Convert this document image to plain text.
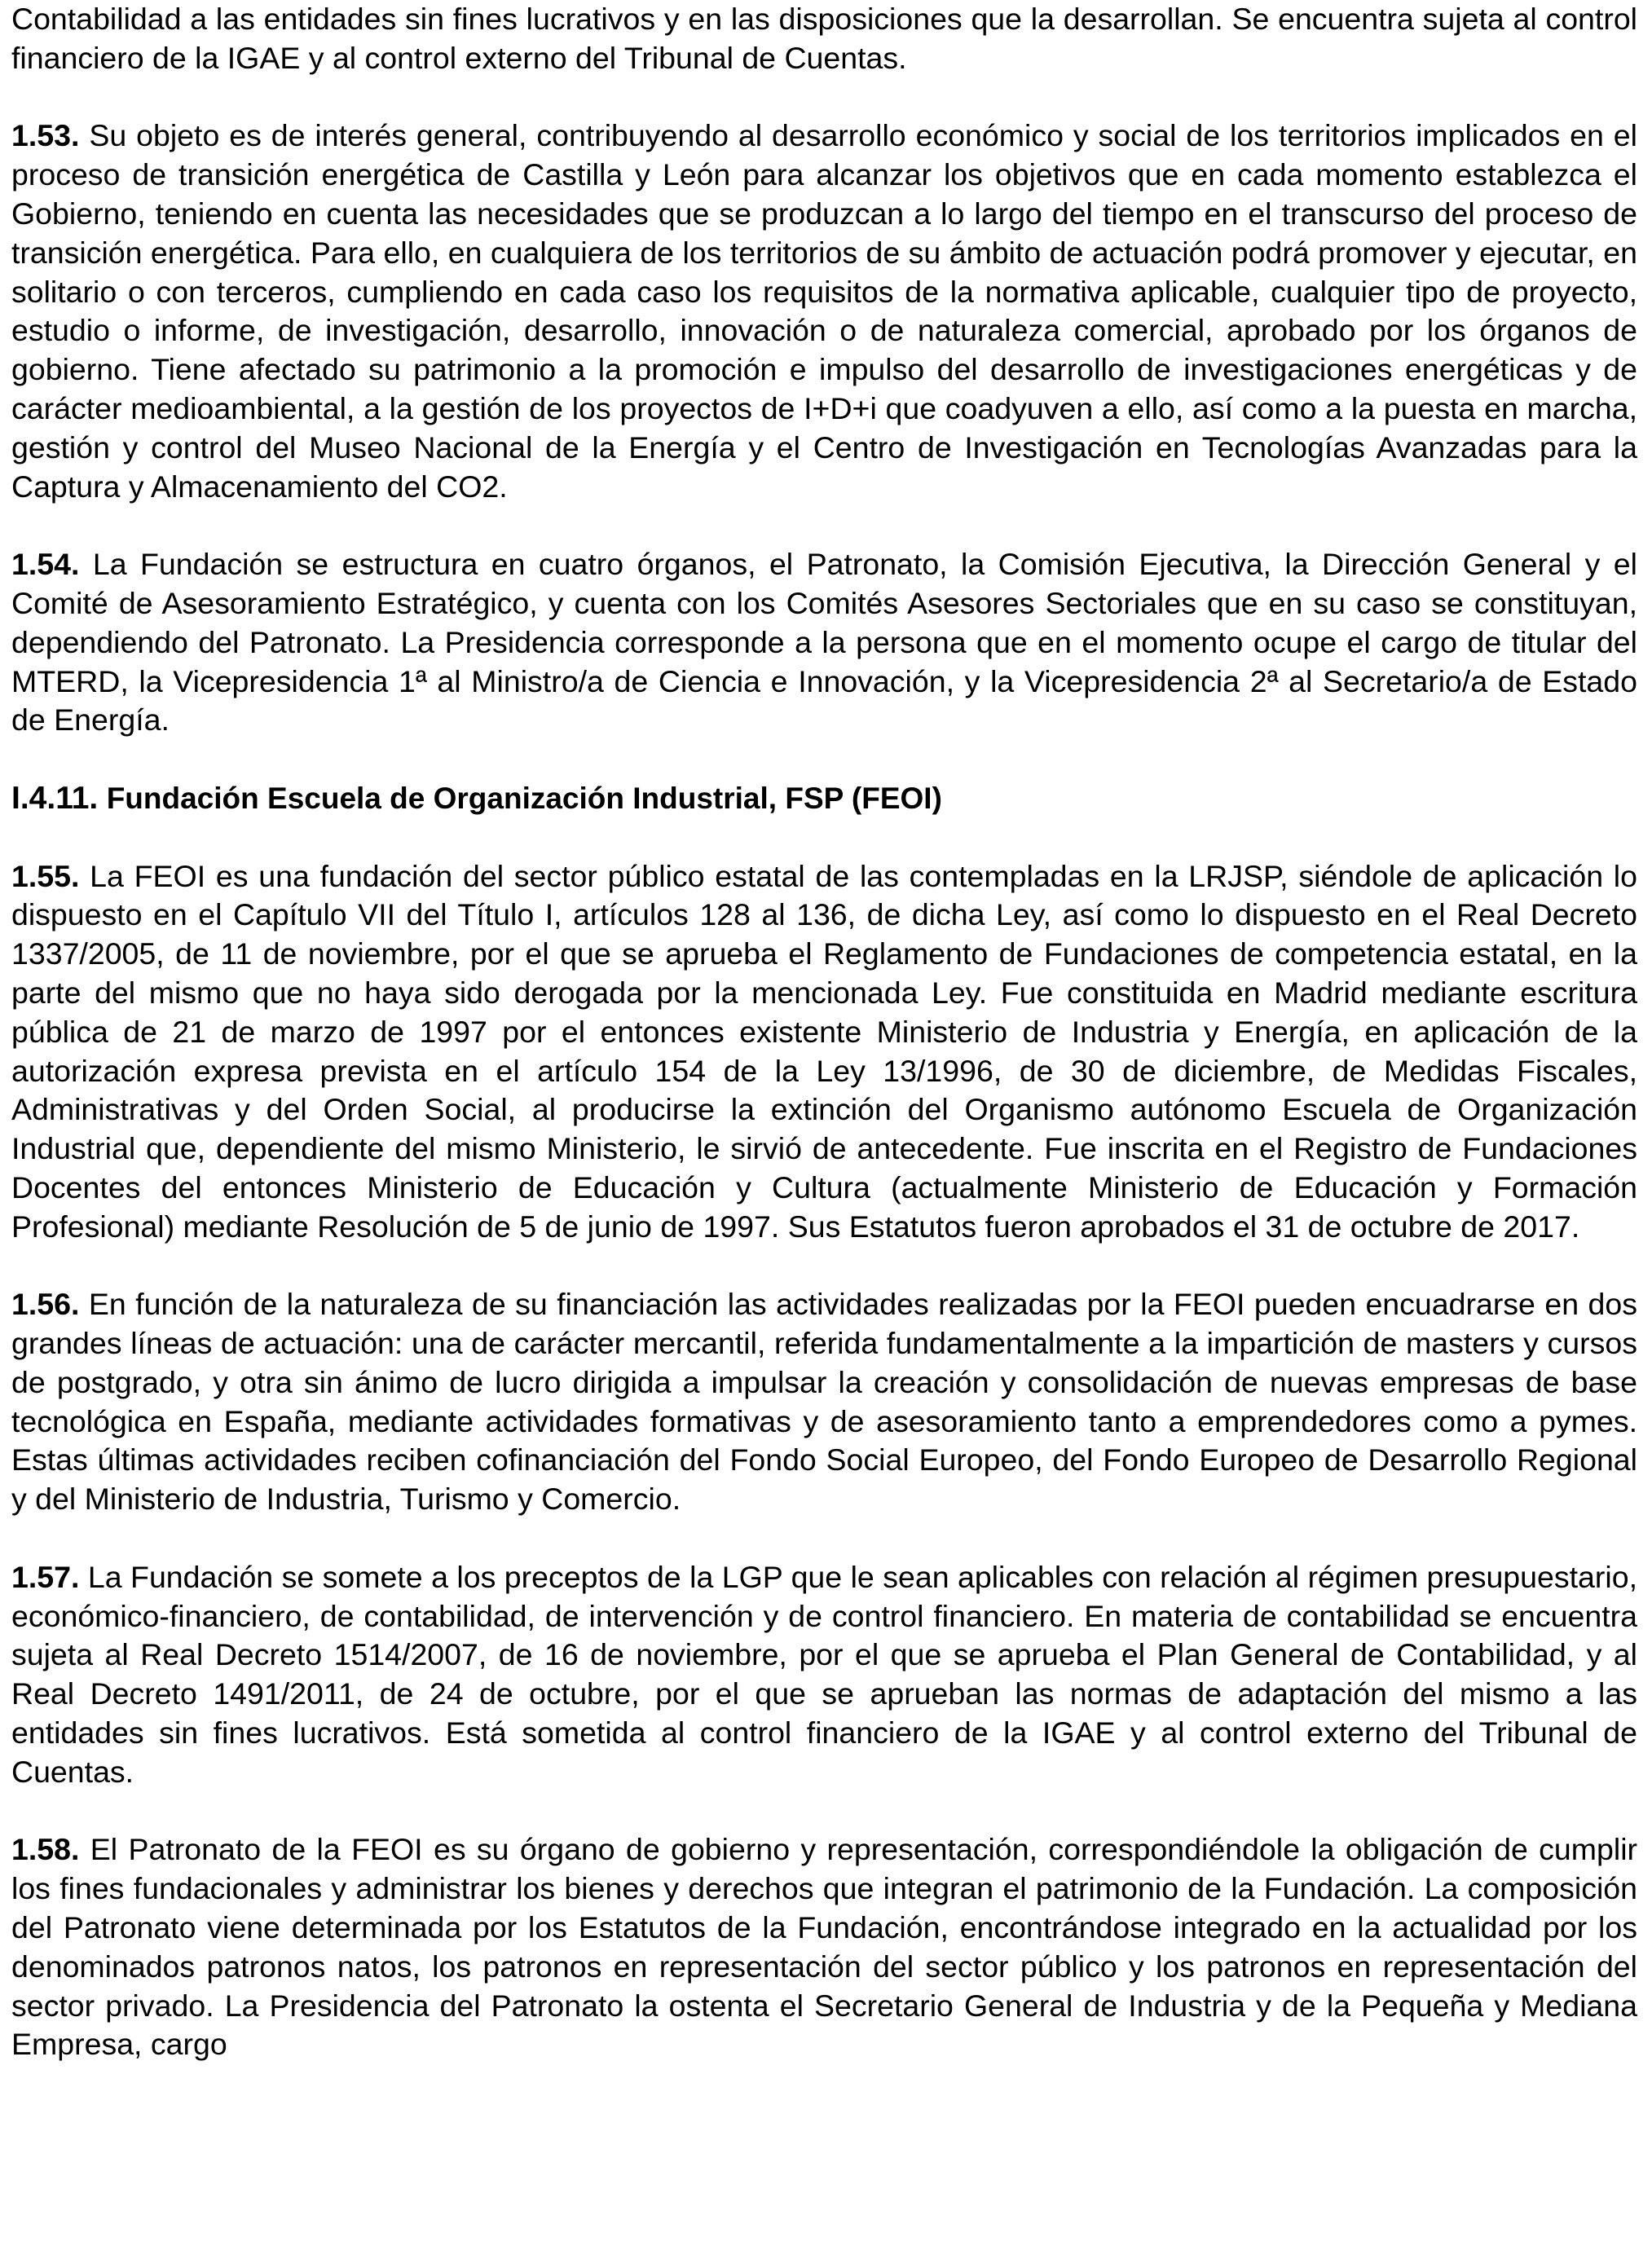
Contabilidad a las entidades sin fines lucrativos y en las disposiciones que la desarrollan. Se encuentra sujeta al control financiero de la IGAE y al control externo del Tribunal de Cuentas.

1.53. Su objeto es de interés general, contribuyendo al desarrollo económico y social de los territorios implicados en el proceso de transición energética de Castilla y León para alcanzar los objetivos que en cada momento establezca el Gobierno, teniendo en cuenta las necesidades que se produzcan a lo largo del tiempo en el transcurso del proceso de transición energética. Para ello, en cualquiera de los territorios de su ámbito de actuación podrá promover y ejecutar, en solitario o con terceros, cumpliendo en cada caso los requisitos de la normativa aplicable, cualquier tipo de proyecto, estudio o informe, de investigación, desarrollo, innovación o de naturaleza comercial, aprobado por los órganos de gobierno. Tiene afectado su patrimonio a la promoción e impulso del desarrollo de investigaciones energéticas y de carácter medioambiental, a la gestión de los proyectos de I+D+i que coadyuven a ello, así como a la puesta en marcha, gestión y control del Museo Nacional de la Energía y el Centro de Investigación en Tecnologías Avanzadas para la Captura y Almacenamiento del CO2.

1.54. La Fundación se estructura en cuatro órganos, el Patronato, la Comisión Ejecutiva, la Dirección General y el Comité de Asesoramiento Estratégico, y cuenta con los Comités Asesores Sectoriales que en su caso se constituyan, dependiendo del Patronato. La Presidencia corresponde a la persona que en el momento ocupe el cargo de titular del MTERD, la Vicepresidencia 1ª al Ministro/a de Ciencia e Innovación, y la Vicepresidencia 2ª al Secretario/a de Estado de Energía.

I.4.11. Fundación Escuela de Organización Industrial, FSP (FEOI)

1.55. La FEOI es una fundación del sector público estatal de las contempladas en la LRJSP, siéndole de aplicación lo dispuesto en el Capítulo VII del Título I, artículos 128 al 136, de dicha Ley, así como lo dispuesto en el Real Decreto 1337/2005, de 11 de noviembre, por el que se aprueba el Reglamento de Fundaciones de competencia estatal, en la parte del mismo que no haya sido derogada por la mencionada Ley. Fue constituida en Madrid mediante escritura pública de 21 de marzo de 1997 por el entonces existente Ministerio de Industria y Energía, en aplicación de la autorización expresa prevista en el artículo 154 de la Ley 13/1996, de 30 de diciembre, de Medidas Fiscales, Administrativas y del Orden Social, al producirse la extinción del Organismo autónomo Escuela de Organización Industrial que, dependiente del mismo Ministerio, le sirvió de antecedente. Fue inscrita en el Registro de Fundaciones Docentes del entonces Ministerio de Educación y Cultura (actualmente Ministerio de Educación y Formación Profesional) mediante Resolución de 5 de junio de 1997. Sus Estatutos fueron aprobados el 31 de octubre de 2017.

1.56. En función de la naturaleza de su financiación las actividades realizadas por la FEOI pueden encuadrarse en dos grandes líneas de actuación: una de carácter mercantil, referida fundamentalmente a la impartición de masters y cursos de postgrado, y otra sin ánimo de lucro dirigida a impulsar la creación y consolidación de nuevas empresas de base tecnológica en España, mediante actividades formativas y de asesoramiento tanto a emprendedores como a pymes. Estas últimas actividades reciben cofinanciación del Fondo Social Europeo, del Fondo Europeo de Desarrollo Regional y del Ministerio de Industria, Turismo y Comercio.

1.57. La Fundación se somete a los preceptos de la LGP que le sean aplicables con relación al régimen presupuestario, económico-financiero, de contabilidad, de intervención y de control financiero. En materia de contabilidad se encuentra sujeta al Real Decreto 1514/2007, de 16 de noviembre, por el que se aprueba el Plan General de Contabilidad, y al Real Decreto 1491/2011, de 24 de octubre, por el que se aprueban las normas de adaptación del mismo a las entidades sin fines lucrativos. Está sometida al control financiero de la IGAE y al control externo del Tribunal de Cuentas.

1.58. El Patronato de la FEOI es su órgano de gobierno y representación, correspondiéndole la obligación de cumplir los fines fundacionales y administrar los bienes y derechos que integran el patrimonio de la Fundación. La composición del Patronato viene determinada por los Estatutos de la Fundación, encontrándose integrado en la actualidad por los denominados patronos natos, los patronos en representación del sector público y los patronos en representación del sector privado. La Presidencia del Patronato la ostenta el Secretario General de Industria y de la Pequeña y Mediana Empresa, cargo
